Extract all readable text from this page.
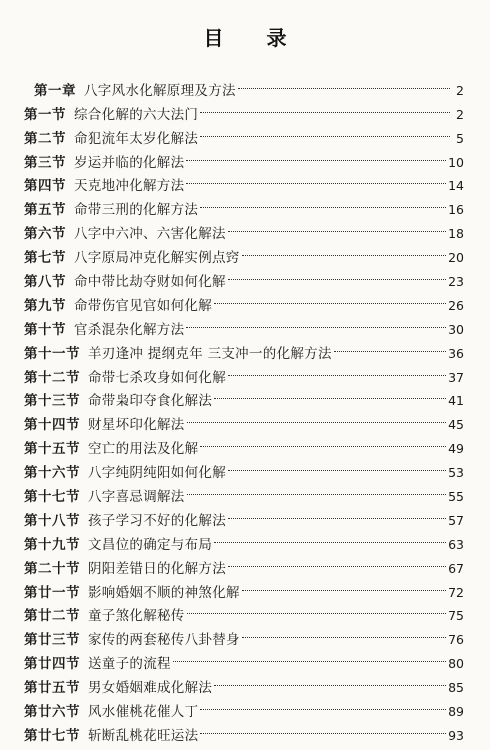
目 录
第一章 八字风水化解原理及方法	2
第一节 综合化解的六大法门	2
第二节 命犯流年太岁化解法	5
第三节 岁运并临的化解法	10
第四节 天克地冲化解方法	14
第五节 命带三刑的化解方法	16
第六节 八字中六冲、六害化解法	18
第七节 八字原局冲克化解实例点窍	20
第八节 命中带比劫夺财如何化解	23
第九节 命带伤官见官如何化解	26
第十节 官杀混杂化解方法	30
第十一节 羊刃逢冲 提纲克年 三支冲一的化解方法	36
第十二节 命带七杀攻身如何化解	37
第十三节 命带枭印夺食化解法	41
第十四节 财星坏印化解法	45
第十五节 空亡的用法及化解	49
第十六节 八字纯阴纯阳如何化解	53
第十七节 八字喜忌调解法	55
第十八节 孩子学习不好的化解法	57
第十九节 文昌位的确定与布局	63
第二十节 阴阳差错日的化解方法	67
第廿一节 影响婚姻不顺的神煞化解	72
第廿二节 童子煞化解秘传	75
第廿三节 家传的两套秘传八卦替身	76
第廿四节 送童子的流程	80
第廿五节 男女婚姻难成化解法	85
第廿六节 风水催桃花催人丁	89
第廿七节 斩断乱桃花旺运法	93
